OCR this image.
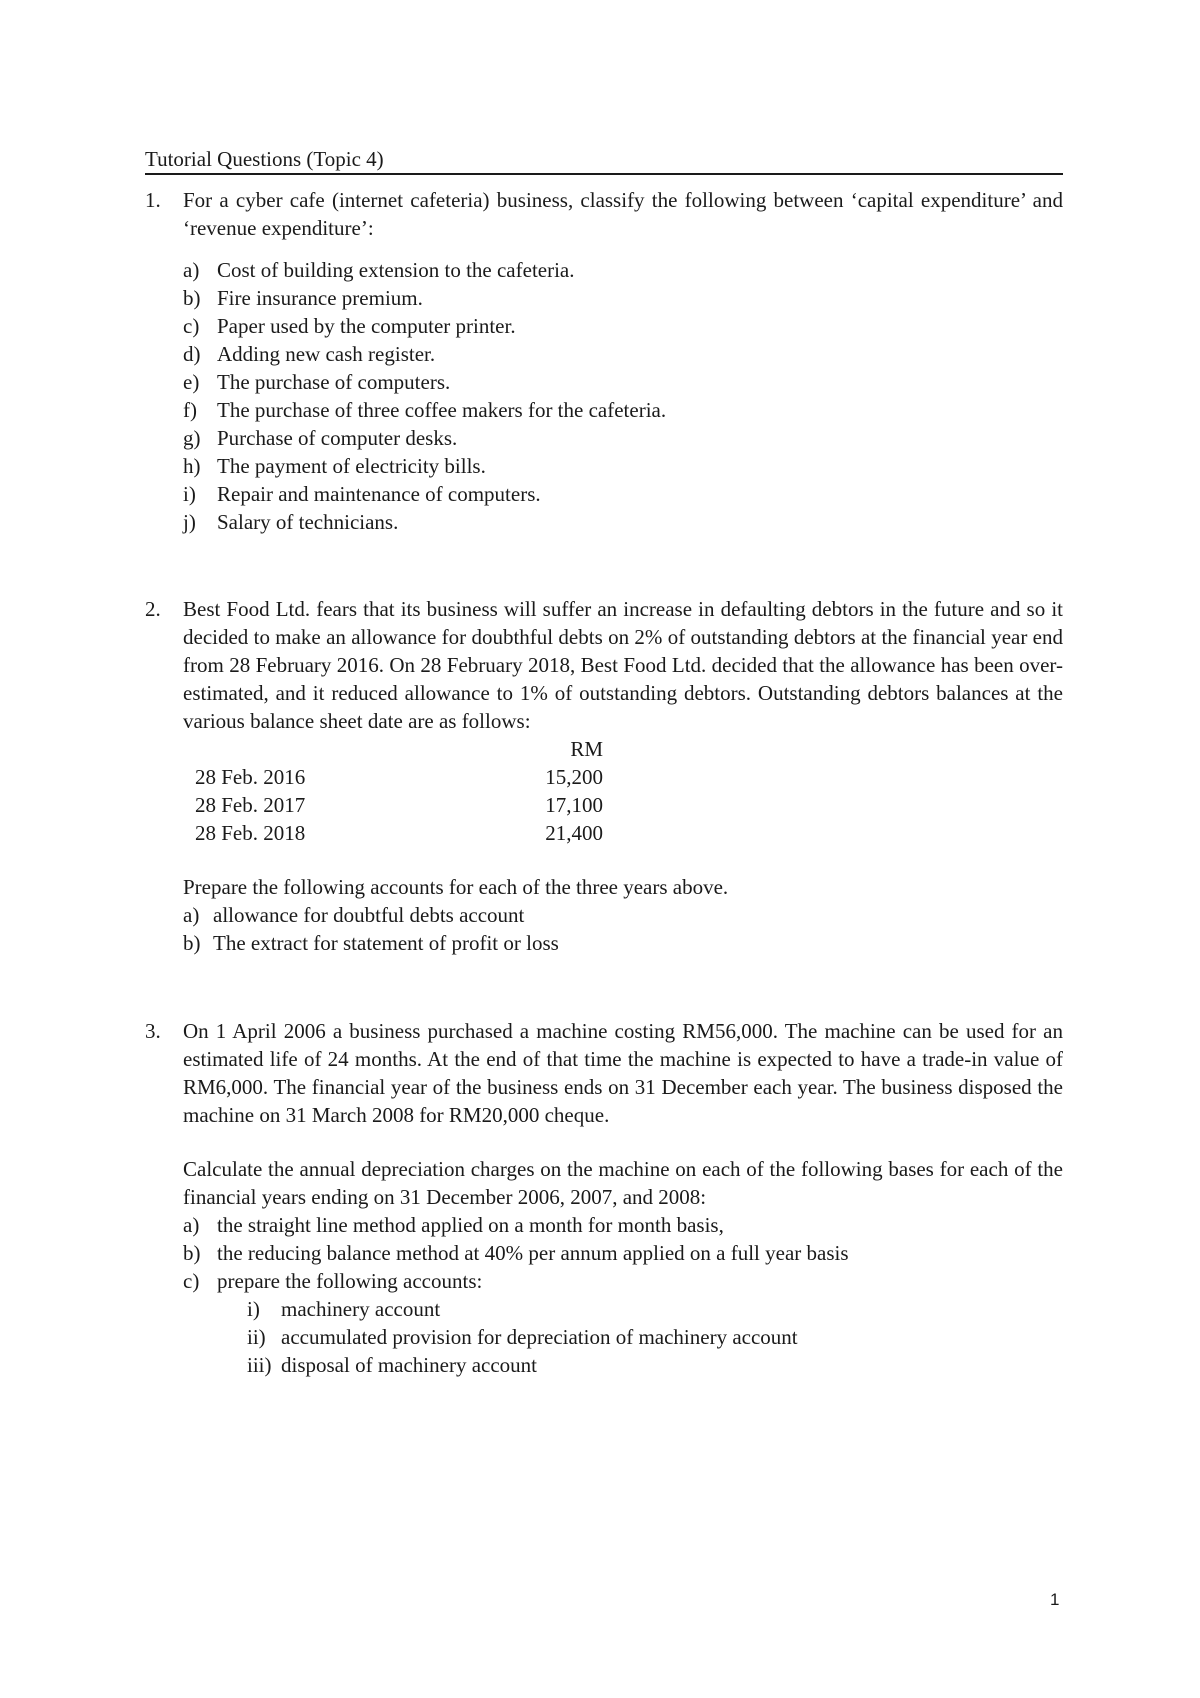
Tutorial Questions (Topic 4)
1. For a cyber cafe (internet cafeteria) business, classify the following between ‘capital expenditure’ and ‘revenue expenditure’:
a) Cost of building extension to the cafeteria.
b) Fire insurance premium.
c) Paper used by the computer printer.
d) Adding new cash register.
e) The purchase of computers.
f) The purchase of three coffee makers for the cafeteria.
g) Purchase of computer desks.
h) The payment of electricity bills.
i) Repair and maintenance of computers.
j) Salary of technicians.
2. Best Food Ltd. fears that its business will suffer an increase in defaulting debtors in the future and so it decided to make an allowance for doubthful debts on 2% of outstanding debtors at the financial year end from 28 February 2016. On 28 February 2018, Best Food Ltd. decided that the allowance has been over-estimated, and it reduced allowance to 1% of outstanding debtors. Outstanding debtors balances at the various balance sheet date are as follows:
	RM
28 Feb. 2016	15,200
28 Feb. 2017	17,100
28 Feb. 2018	21,400
Prepare the following accounts for each of the three years above.
a) allowance for doubtful debts account
b) The extract for statement of profit or loss
3. On 1 April 2006 a business purchased a machine costing RM56,000. The machine can be used for an estimated life of 24 months. At the end of that time the machine is expected to have a trade-in value of RM6,000. The financial year of the business ends on 31 December each year. The business disposed the machine on 31 March 2008 for RM20,000 cheque.
Calculate the annual depreciation charges on the machine on each of the following bases for each of the financial years ending on 31 December 2006, 2007, and 2008:
a) the straight line method applied on a month for month basis,
b) the reducing balance method at 40% per annum applied on a full year basis
c) prepare the following accounts:
i) machinery account
ii) accumulated provision for depreciation of machinery account
iii) disposal of machinery account
1
